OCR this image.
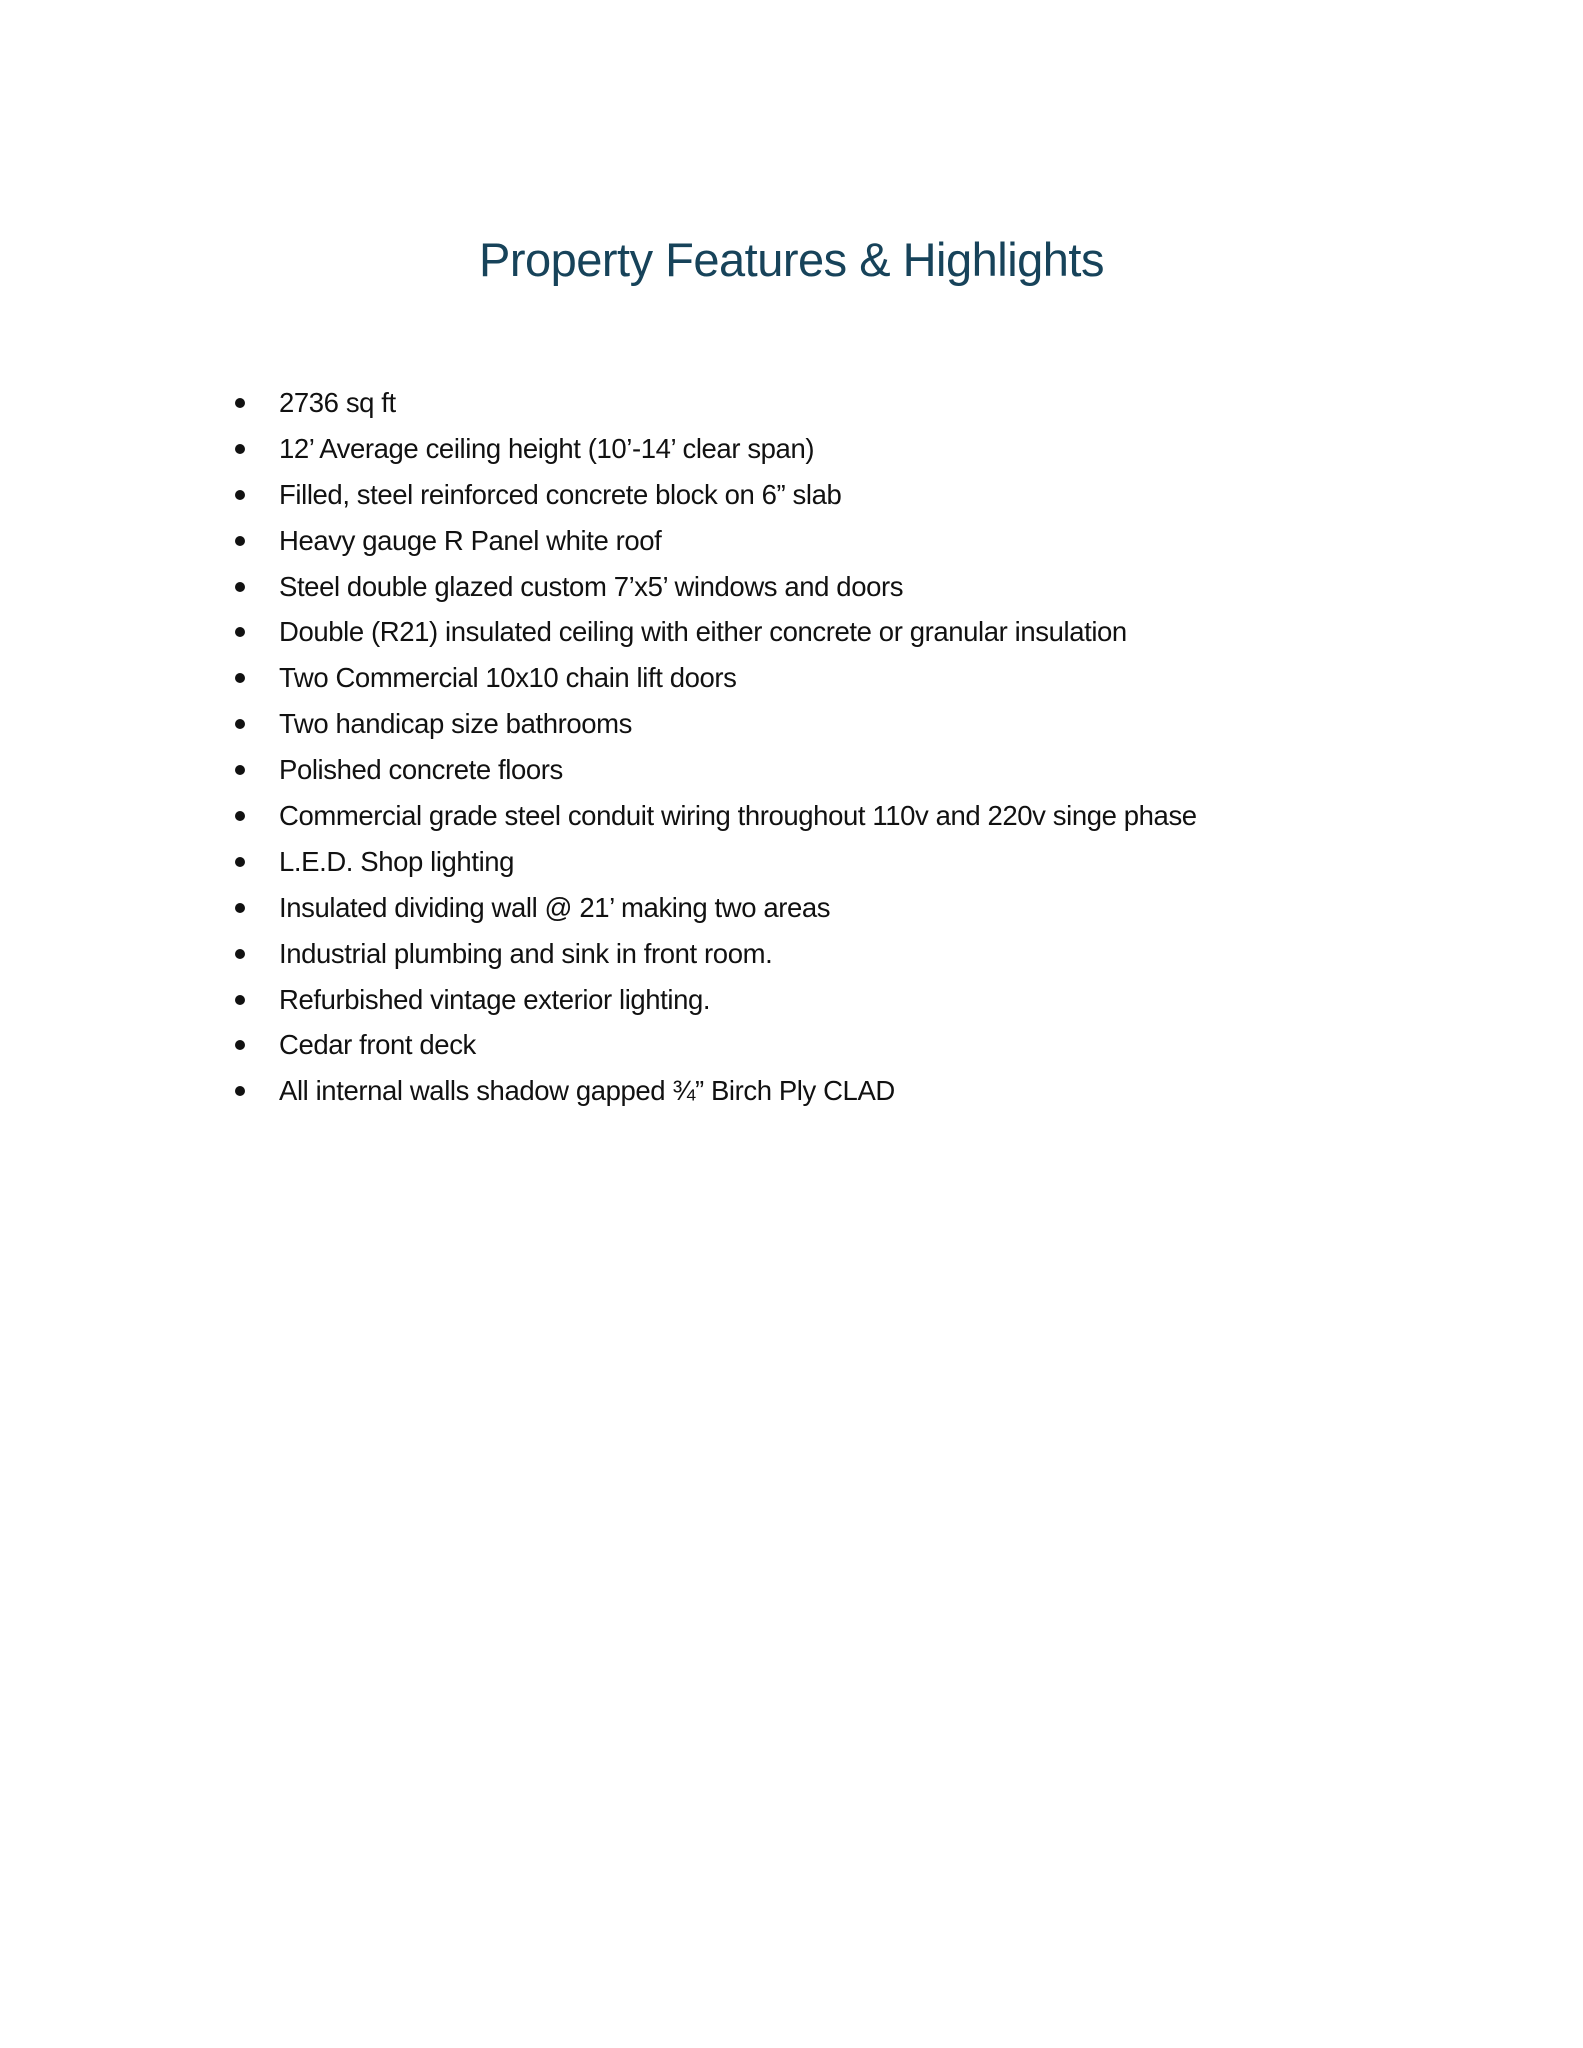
Property Features & Highlights
2736 sq ft
12’ Average ceiling height (10’-14’ clear span)
Filled, steel reinforced concrete block on 6” slab
Heavy gauge R Panel white roof
Steel double glazed custom 7’x5’ windows and doors
Double (R21) insulated ceiling with either concrete or granular insulation
Two Commercial 10x10 chain lift doors
Two handicap size bathrooms
Polished concrete floors
Commercial grade steel conduit wiring throughout 110v and 220v singe phase
L.E.D. Shop lighting
Insulated dividing wall @ 21’ making two areas
Industrial plumbing and sink in front room.
Refurbished vintage exterior lighting.
Cedar front deck
All internal walls shadow gapped ¾” Birch Ply CLAD
